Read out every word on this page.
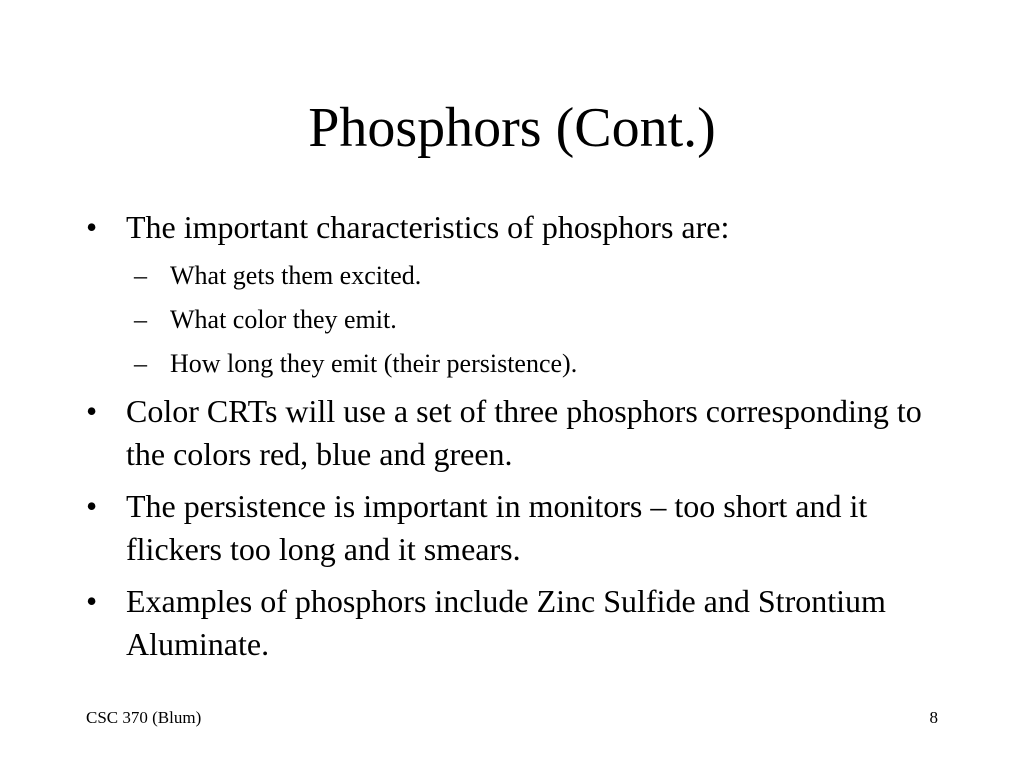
Phosphors (Cont.)
• The important characteristics of phosphors are:
– What gets them excited.
– What color they emit.
– How long they emit (their persistence).
• Color CRTs will use a set of three phosphors corresponding to the colors red, blue and green.
• The persistence is important in monitors – too short and it flickers too long and it smears.
• Examples of phosphors include Zinc Sulfide and Strontium Aluminate.
CSC 370 (Blum)	8
